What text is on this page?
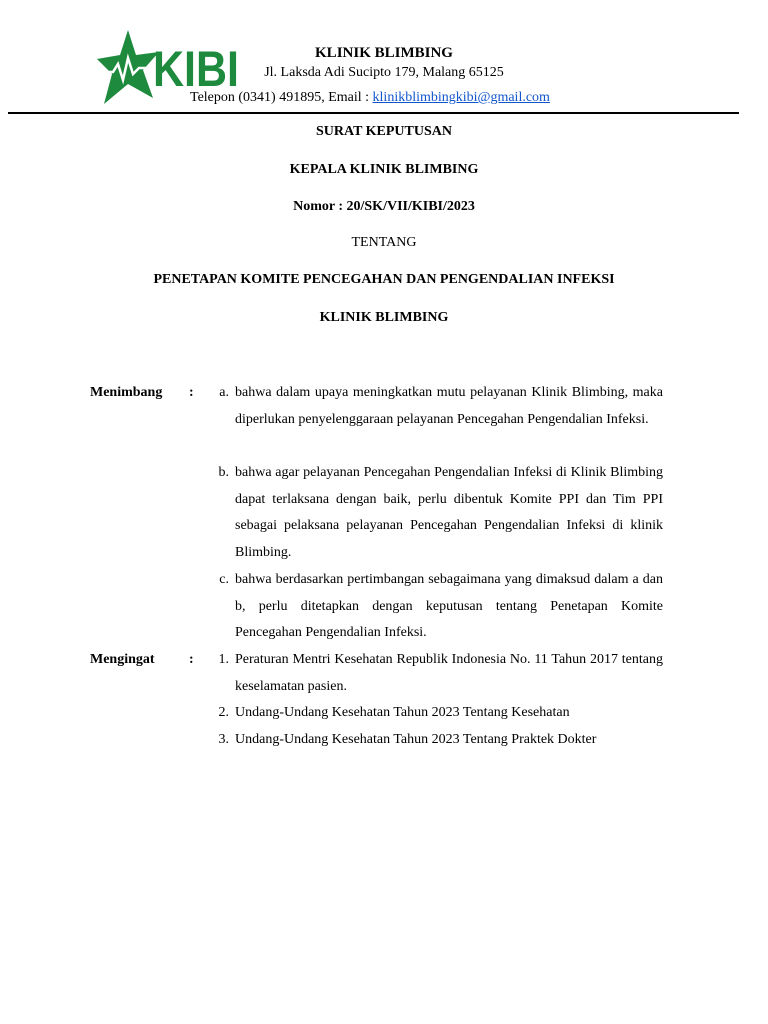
KIBI	KLINIK BLIMBING
Jl. Laksda Adi Sucipto 179, Malang 65125
Telepon (0341) 491895, Email : klinikblimbingkibi@gmail.com
SURAT KEPUTUSAN
KEPALA KLINIK BLIMBING
Nomor : 20/SK/VII/KIBI/2023
TENTANG
PENETAPAN KOMITE PENCEGAHAN DAN PENGENDALIAN INFEKSI
KLINIK BLIMBING
Menimbang :	a. bahwa dalam upaya meningkatkan mutu pelayanan Klinik Blimbing, maka diperlukan penyelenggaraan pelayanan Pencegahan Pengendalian Infeksi.
b. bahwa agar pelayanan Pencegahan Pengendalian Infeksi di Klinik Blimbing dapat terlaksana dengan baik, perlu dibentuk Komite PPI dan Tim PPI sebagai pelaksana pelayanan Pencegahan Pengendalian Infeksi di klinik Blimbing.
c. bahwa berdasarkan pertimbangan sebagaimana yang dimaksud dalam a dan b, perlu ditetapkan dengan keputusan tentang Penetapan Komite Pencegahan Pengendalian Infeksi.
Mengingat :	1. Peraturan Mentri Kesehatan Republik Indonesia No. 11 Tahun 2017 tentang keselamatan pasien.
2. Undang-Undang Kesehatan Tahun 2023 Tentang Kesehatan
3. Undang-Undang Kesehatan Tahun 2023 Tentang Praktek Dokter
